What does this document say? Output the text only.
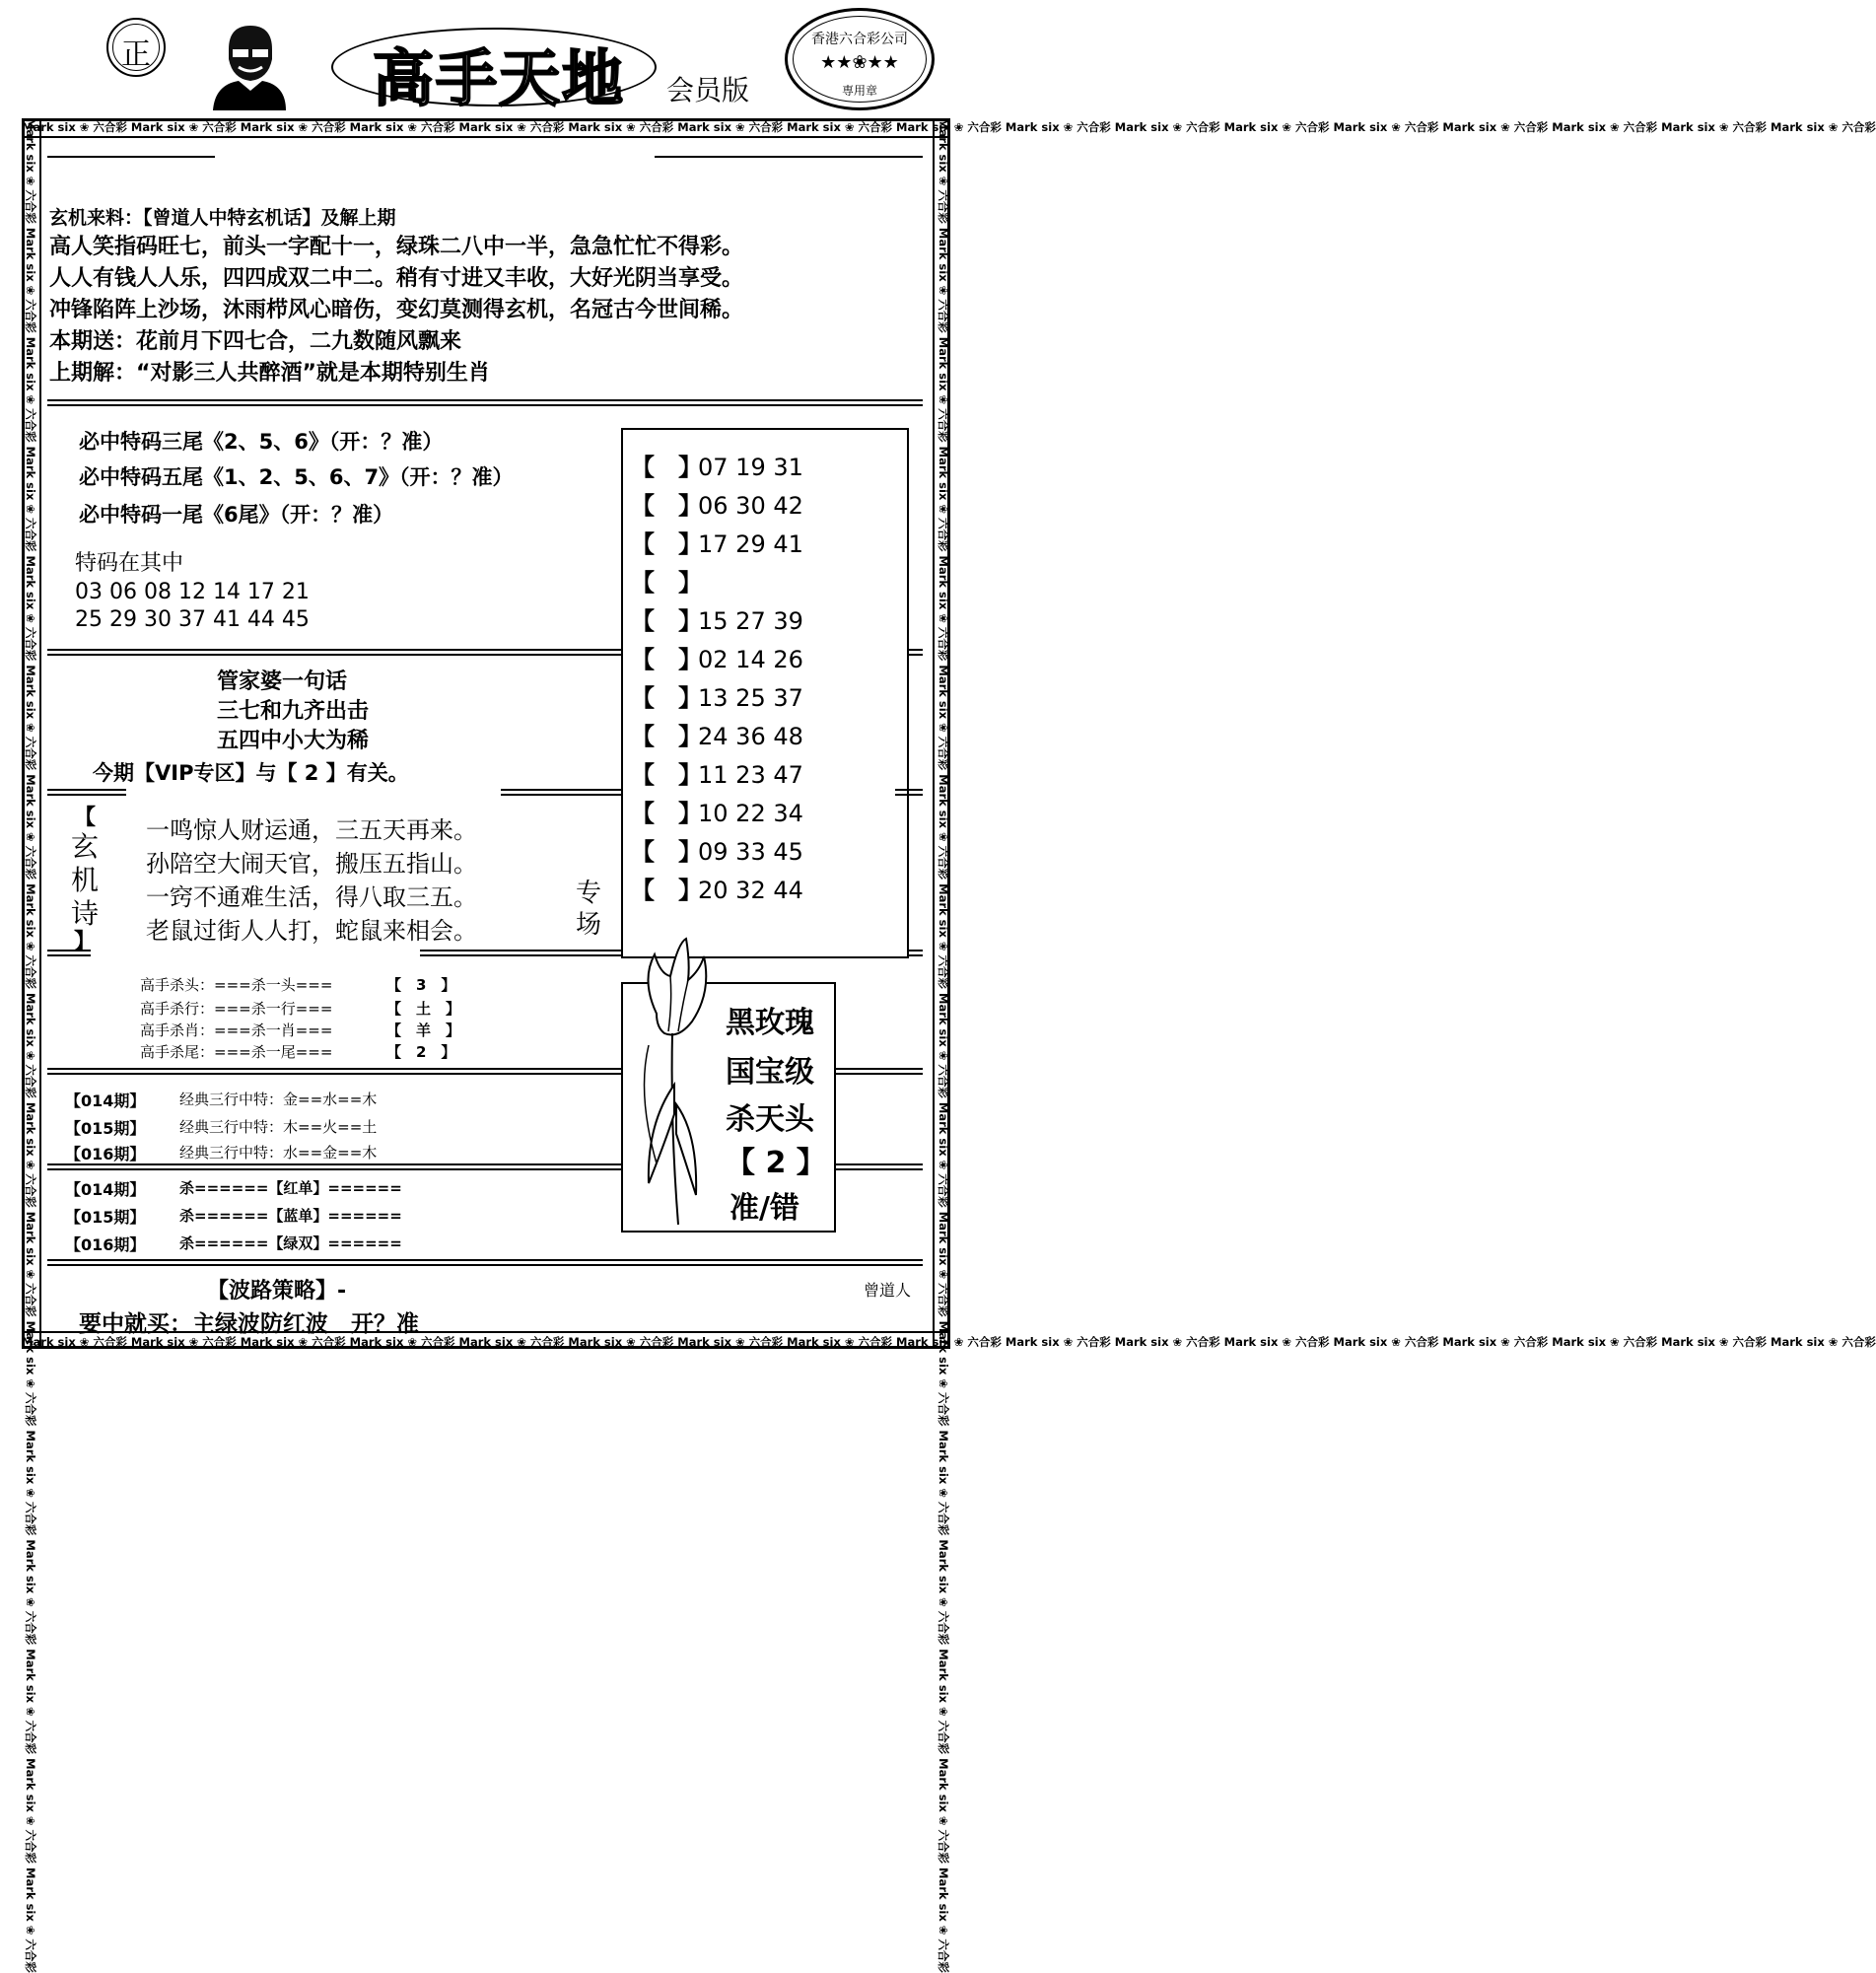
正	高手天地 会员版
香港六合彩公司
★★❀★★
専用章
Mark six ❀ 六合彩 Mark six ❀ 六合彩 Mark six ❀ 六合彩 Mark six ❀ 六合彩 Mark six ❀ 六合彩 Mark six ❀ 六合彩 Mark six ❀ 六合彩 Mark six ❀ 六合彩 Mark six ❀ 六合彩 Mark six ❀ 六合彩 Mark six ❀ 六合彩 Mark six ❀ 六合彩 Mark six ❀ 六合彩 Mark six ❀ 六合彩 Mark six ❀ 六合彩 Mark six ❀ 六合彩 Mark six ❀ 六合彩
Mark six ❀ 六合彩 Mark six ❀ 六合彩 Mark six ❀ 六合彩 Mark six ❀ 六合彩 Mark six ❀ 六合彩 Mark six ❀ 六合彩 Mark six ❀ 六合彩 Mark six ❀ 六合彩 Mark six ❀ 六合彩 Mark six ❀ 六合彩 Mark six ❀ 六合彩 Mark six ❀ 六合彩 Mark six ❀ 六合彩 Mark six ❀ 六合彩 Mark six ❀ 六合彩 Mark six ❀ 六合彩 Mark six ❀ 六合彩
Mark six ❀ 六合彩 Mark six ❀ 六合彩 Mark six ❀ 六合彩 Mark six ❀ 六合彩 Mark six ❀ 六合彩 Mark six ❀ 六合彩 Mark six ❀ 六合彩 Mark six ❀ 六合彩 Mark six ❀ 六合彩 Mark six ❀ 六合彩 Mark six ❀ 六合彩 Mark six ❀ 六合彩 Mark six ❀ 六合彩 Mark six ❀ 六合彩 Mark six ❀ 六合彩 Mark six ❀ 六合彩 Mark six ❀ 六合彩	Mark six ❀ 六合彩 Mark six ❀ 六合彩 Mark six ❀ 六合彩 Mark six ❀ 六合彩 Mark six ❀ 六合彩 Mark six ❀ 六合彩 Mark six ❀ 六合彩 Mark six ❀ 六合彩 Mark six ❀ 六合彩 Mark six ❀ 六合彩 Mark six ❀ 六合彩 Mark six ❀ 六合彩 Mark six ❀ 六合彩 Mark six ❀ 六合彩 Mark six ❀ 六合彩 Mark six ❀ 六合彩 Mark six ❀ 六合彩
玄机来料：【曾道人中特玄机话】及解上期
高人笑指码旺七，前头一字配十一，绿珠二八中一半，急急忙忙不得彩。
人人有钱人人乐，四四成双二中二。稍有寸进又丰收，大好光阴当享受。
冲锋陷阵上沙场，沐雨栉风心暗伤，变幻莫测得玄机，名冠古今世间稀。
本期送：花前月下四七合，二九数随风飘来
上期解：“对影三人共醉酒”就是本期特别生肖
必中特码三尾《2、5、6》（开：？准）
必中特码五尾《1、2、5、6、7》（开：？准）
必中特码一尾《6尾》（开：？准）
特码在其中
03 06 08 12 14 17 21
25 29 30 37 41 44 45
管家婆一句话
三七和九齐出击
五四中小大为稀
今期【VIP专区】与【 2 】有关。
【
玄
机
诗
】
一鸣惊人财运通，三五天再来。
孙陪空大闹天官，搬压五指山。
一窍不通难生活，得八取三五。
老鼠过街人人打，蛇鼠来相会。
专
场
【　】07 19 31
【　】06 30 42
【　】17 29 41
【　】
【　】15 27 39
【　】02 14 26
【　】13 25 37
【　】24 36 48
【　】11 23 47
【　】10 22 34
【　】09 33 45
【　】20 32 44
高手杀头：===杀一头===	【　3　】
高手杀行：===杀一行===	【　土　】
高手杀肖：===杀一肖===	【　羊　】
高手杀尾：===杀一尾===	【　2　】
黑玫瑰
国宝级
杀天头
【 2 】
准/错
【014期】 经典三行中特：金==水==木
【015期】 经典三行中特：木==火==土
【016期】 经典三行中特：水==金==木
【014期】 杀======【红单】======
【015期】 杀======【蓝单】======
【016期】 杀======【绿双】======
【波路策略】-	曾道人
要中就买：主绿波防红波　开？准
